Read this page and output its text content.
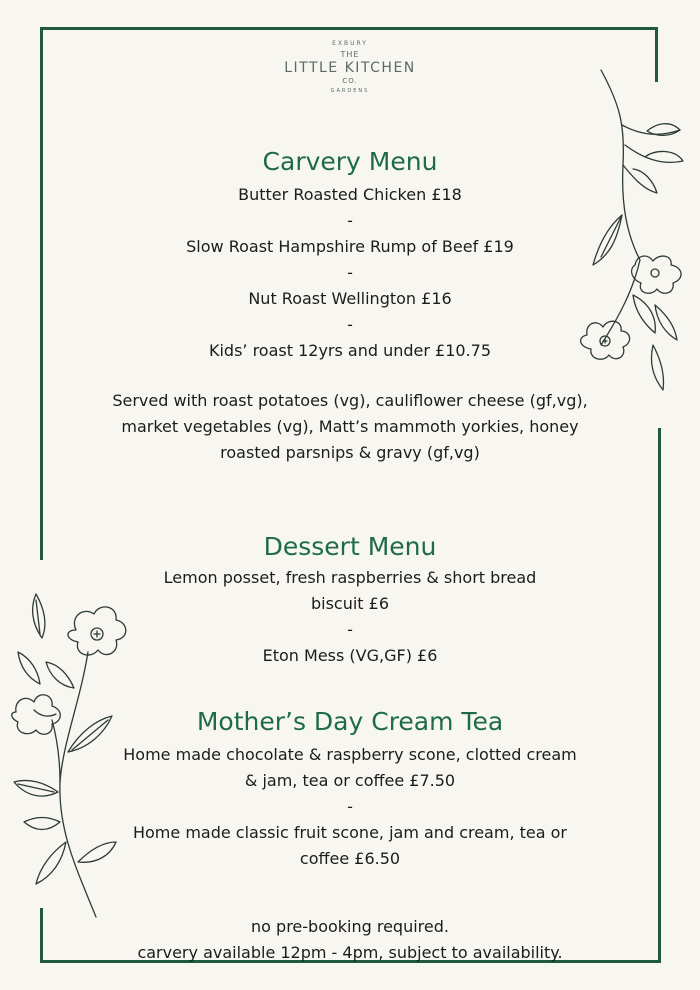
EXBURY
THE
LITTLE KITCHEN
CO.
GARDENS
Carvery Menu
Butter Roasted Chicken £18
-
Slow Roast Hampshire Rump of Beef £19
-
Nut Roast Wellington £16
-
Kids’ roast 12yrs and under £10.75
Served with roast potatoes (vg), cauliflower cheese (gf,vg),
market vegetables (vg), Matt’s mammoth yorkies, honey
roasted parsnips & gravy (gf,vg)
Dessert Menu
Lemon posset, fresh raspberries & short bread
biscuit £6
-
Eton Mess (VG,GF) £6
Mother’s Day Cream Tea
Home made chocolate & raspberry scone, clotted cream
& jam, tea or coffee £7.50
-
Home made classic fruit scone, jam and cream, tea or
coffee £6.50
no pre-booking required.
carvery available 12pm - 4pm, subject to availability.
